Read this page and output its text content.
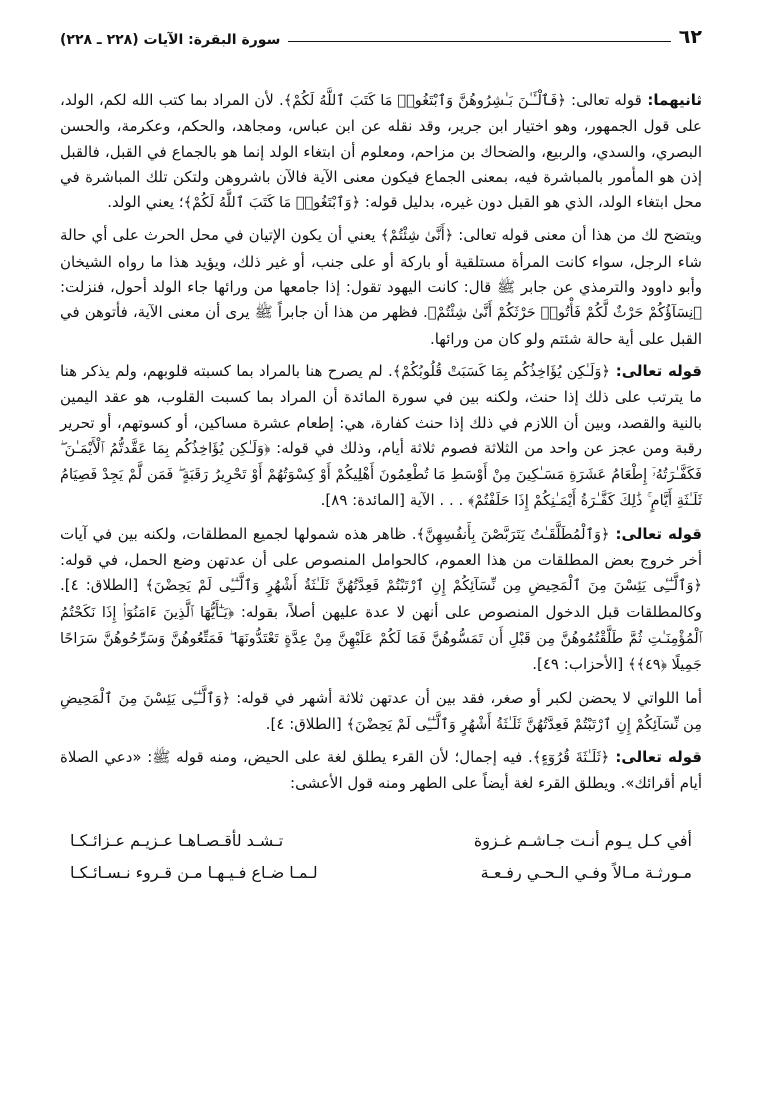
٦٢
سورة البقرة: الآيات (٢٢٨ ـ ٢٢٨)

ثانيهما: قوله تعالى: ﴿فَٱلْـَٔـٰنَ بَـٰشِرُوهُنَّ وَٱبْتَغُوا۟ مَا كَتَبَ ٱللَّهُ لَكُمْ﴾. لأن المراد بما كتب الله لكم، الولد، على قول الجمهور، وهو اختيار ابن جرير، وقد نقله عن ابن عباس، ومجاهد، والحكم، وعكرمة، والحسن البصري، والسدي، والربيع، والضحاك بن مزاحم، ومعلوم أن ابتغاء الولد إنما هو بالجماع في القبل، فالقبل إذن هو المأمور بالمباشرة فيه، بمعنى الجماع فيكون معنى الآية فالآن باشروهن ولتكن تلك المباشرة في محل ابتغاء الولد، الذي هو القبل دون غيره، بدليل قوله: ﴿وَٱبْتَغُوا۟ مَا كَتَبَ ٱللَّهُ لَكُمْ﴾؛ يعني الولد.

ويتضح لك من هذا أن معنى قوله تعالى: ﴿أَنَّىٰ شِئْتُمْ﴾ يعني أن يكون الإتيان في محل الحرث على أي حالة شاء الرجل، سواء كانت المرأة مستلقية أو باركة أو على جنب، أو غير ذلك، ويؤيد هذا ما رواه الشيخان وأبو داوود والترمذي عن جابر ﷺ قال: كانت اليهود تقول: إذا جامعها من ورائها جاء الولد أحول، فنزلت: ﴿نِسَآؤُكُمْ حَرْثٌ لَّكُمْ فَأْتُوا۟ حَرْثَكُمْ أَنَّىٰ شِئْتُمْ﴾. فظهر من هذا أن جابراً ﷺ يرى أن معنى الآية، فأتوهن في القبل على أية حالة شئتم ولو كان من ورائها.

قوله تعالى: ﴿وَلَـٰكِن يُؤَاخِذُكُم بِمَا كَسَبَتْ قُلُوبُكُمْ﴾. لم يصرح هنا بالمراد بما كسبته قلوبهم، ولم يذكر هنا ما يترتب على ذلك إذا حنث، ولكنه بين في سورة المائدة أن المراد بما كسبت القلوب، هو عقد اليمين بالنية والقصد، وبين أن اللازم في ذلك إذا حنث كفارة، هي: إطعام عشرة مساكين، أو كسوتهم، أو تحرير رقبة ومن عجز عن واحد من الثلاثة فصوم ثلاثة أيام، وذلك في قوله: ﴿وَلَـٰكِن يُؤَاخِذُكُم بِمَا عَقَّدتُّمُ ٱلْأَيْمَـٰنَ ۖ فَكَفَّـٰرَتُهُۥٓ إِطْعَامُ عَشَرَةِ مَسَـٰكِينَ مِنْ أَوْسَطِ مَا تُطْعِمُونَ أَهْلِيكُمْ أَوْ كِسْوَتُهُمْ أَوْ تَحْرِيرُ رَقَبَةٍ ۖ فَمَن لَّمْ يَجِدْ فَصِيَامُ ثَلَـٰثَةِ أَيَّامٍ ۚ ذَٰلِكَ كَفَّـٰرَةُ أَيْمَـٰنِكُمْ إِذَا حَلَفْتُمْ﴾ . . . الآية [المائدة: ٨٩].

قوله تعالى: ﴿وَٱلْمُطَلَّقَـٰتُ يَتَرَبَّصْنَ بِأَنفُسِهِنَّ﴾. ظاهر هذه شمولها لجميع المطلقات، ولكنه بين في آيات أخر خروج بعض المطلقات من هذا العموم، كالحوامل المنصوص على أن عدتهن وضع الحمل، في قوله: ﴿وَٱلَّـٰٓـِٔى يَئِسْنَ مِنَ ٱلْمَحِيضِ مِن نِّسَآئِكُمْ إِنِ ٱرْتَبْتُمْ فَعِدَّتُهُنَّ ثَلَـٰثَةُ أَشْهُرٍ وَٱلَّـٰٓـِٔى لَمْ يَحِضْنَ﴾ [الطلاق: ٤]. وكالمطلقات قبل الدخول المنصوص على أنهن لا عدة عليهن أصلاً، بقوله: ﴿يَـٰٓأَيُّهَا ٱلَّذِينَ ءَامَنُوٓا۟ إِذَا نَكَحْتُمُ ٱلْمُؤْمِنَـٰتِ ثُمَّ طَلَّقْتُمُوهُنَّ مِن قَبْلِ أَن تَمَسُّوهُنَّ فَمَا لَكُمْ عَلَيْهِنَّ مِنْ عِدَّةٍ تَعْتَدُّونَهَا ۖ فَمَتِّعُوهُنَّ وَسَرِّحُوهُنَّ سَرَاحًا جَمِيلًا ﴿٤٩﴾﴾ [الأحزاب: ٤٩].

أما اللواتي لا يحضن لكبر أو صغر، فقد بين أن عدتهن ثلاثة أشهر في قوله: ﴿وَٱلَّـٰٓـِٔى يَئِسْنَ مِنَ ٱلْمَحِيضِ مِن نِّسَآئِكُمْ إِنِ ٱرْتَبْتُمْ فَعِدَّتُهُنَّ ثَلَـٰثَةُ أَشْهُرٍ وَٱلَّـٰٓـِٔى لَمْ يَحِضْنَ﴾ [الطلاق: ٤].

قوله تعالى: ﴿ثَلَـٰثَةَ قُرُوٓءٍ﴾. فيه إجمال؛ لأن القرء يطلق لغة على الحيض، ومنه قوله ﷺ: «دعي الصلاة أيام أقرائك». ويطلق القرء لغة أيضاً على الطهر ومنه قول الأعشى:

أفي كـل يـوم أنـت جـاشـم غـزوة
تـشـد لأقـصـاهـا عـزيـم عـزائـكـا
مـورثـة مـالاً وفـي الـحـي رفـعـة
لـمـا ضـاع فـيـهـا مـن قـروء نـسـائـكـا
